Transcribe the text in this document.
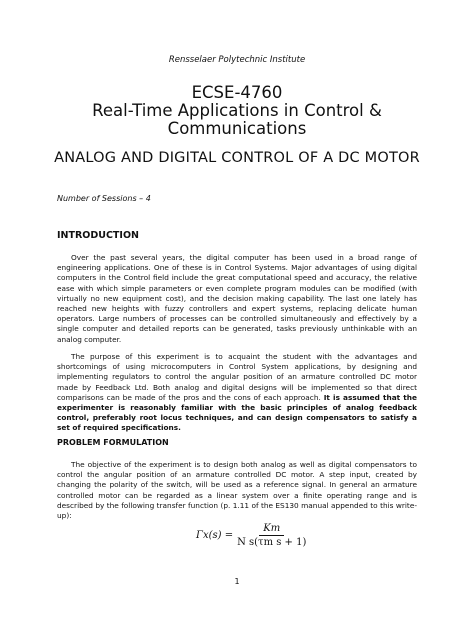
Rensselaer Polytechnic Institute
ECSE-4760
Real-Time Applications in Control &
Communications
ANALOG AND DIGITAL CONTROL OF A DC MOTOR
Number of Sessions – 4
INTRODUCTION
Over the past several years, the digital computer has been used in a broad range of engineering applications. One of these is in Control Systems. Major advantages of using digital computers in the Control field include the great computational speed and accuracy, the relative ease with which simple parameters or even complete program modules can be modified (with virtually no new equipment cost), and the decision making capability. The last one lately has reached new heights with fuzzy controllers and expert systems, replacing delicate human operators. Large numbers of processes can be controlled simultaneously and effectively by a single computer and detailed reports can be generated, tasks previously unthinkable with an analog computer.
The purpose of this experiment is to acquaint the student with the advantages and shortcomings of using microcomputers in Control System applications, by designing and implementing regulators to control the angular position of an armature controlled DC motor made by Feedback Ltd. Both analog and digital designs will be implemented so that direct comparisons can be made of the pros and the cons of each approach. It is assumed that the experimenter is reasonably familiar with the basic principles of analog feedback control, preferably root locus techniques, and can design compensators to satisfy a set of required specifications.
PROBLEM FORMULATION
The objective of the experiment is to design both analog as well as digital compensators to control the angular position of an armature controlled DC motor. A step input, created by changing the polarity of the switch, will be used as a reference signal. In general an armature controlled motor can be regarded as a linear system over a finite operating range and is described by the following transfer function (p. 1.11 of the ES130 manual appended to this write-up):
$\Gamma x(s) = \frac{Km}{\text{N s(τm s + 1)}}$
1
